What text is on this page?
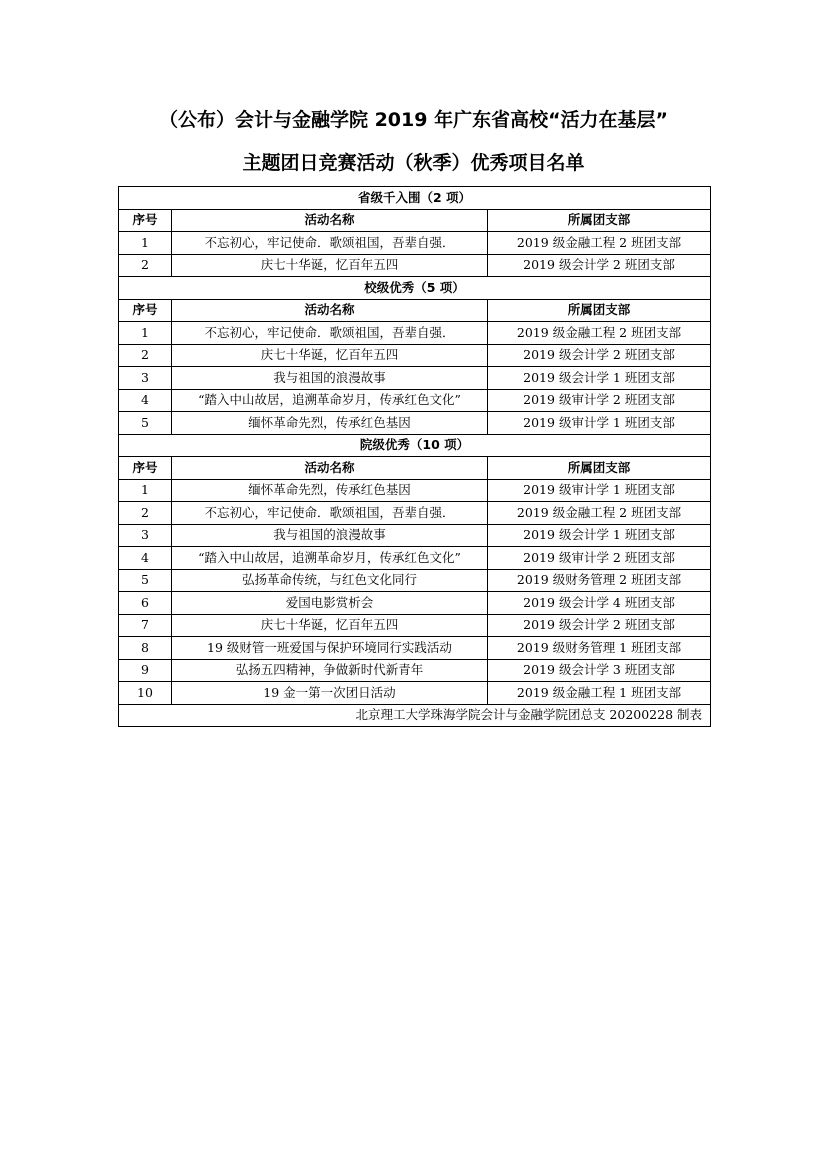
（公布）会计与金融学院 2019 年广东省高校“活力在基层”
主题团日竞赛活动（秋季）优秀项目名单
省级千入围（2 项）		
序号	活动名称	所属团支部
1	不忘初心，牢记使命．歌颂祖国，吾辈自强．	2019 级金融工程 2 班团支部
2	庆七十华诞，忆百年五四	2019 级会计学 2 班团支部
校级优秀（5 项）		
序号	活动名称	所属团支部
1	不忘初心，牢记使命．歌颂祖国，吾辈自强．	2019 级金融工程 2 班团支部
2	庆七十华诞，忆百年五四	2019 级会计学 2 班团支部
3	我与祖国的浪漫故事	2019 级会计学 1 班团支部
4	“踏入中山故居，追溯革命岁月，传承红色文化”	2019 级审计学 2 班团支部
5	缅怀革命先烈，传承红色基因	2019 级审计学 1 班团支部
院级优秀（10 项）		
序号	活动名称	所属团支部
1	缅怀革命先烈，传承红色基因	2019 级审计学 1 班团支部
2	不忘初心，牢记使命．歌颂祖国，吾辈自强．	2019 级金融工程 2 班团支部
3	我与祖国的浪漫故事	2019 级会计学 1 班团支部
4	“踏入中山故居，追溯革命岁月，传承红色文化”	2019 级审计学 2 班团支部
5	弘扬革命传统，与红色文化同行	2019 级财务管理 2 班团支部
6	爱国电影赏析会	2019 级会计学 4 班团支部
7	庆七十华诞，忆百年五四	2019 级会计学 2 班团支部
8	19 级财管一班爱国与保护环境同行实践活动	2019 级财务管理 1 班团支部
9	弘扬五四精神，争做新时代新青年	2019 级会计学 3 班团支部
10	19 金一第一次团日活动	2019 级金融工程 1 班团支部
北京理工大学珠海学院会计与金融学院团总支 20200228 制表		
